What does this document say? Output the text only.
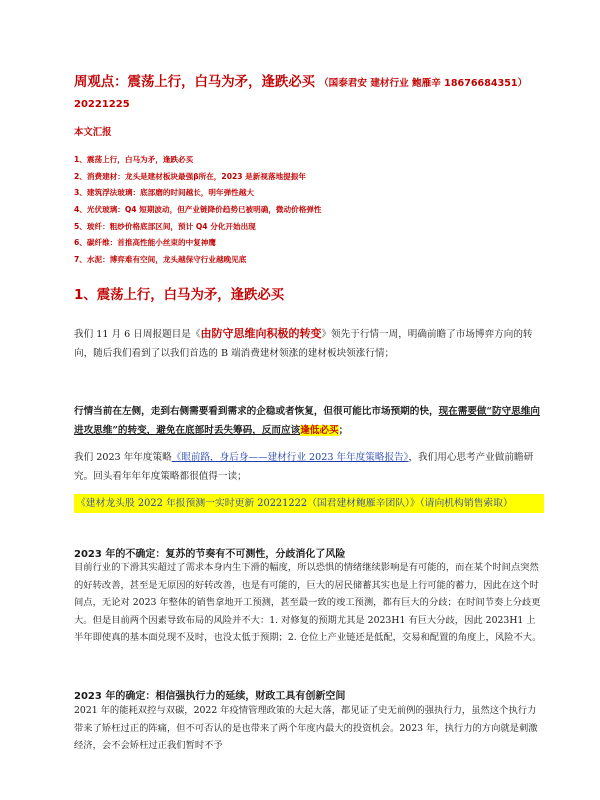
周观点：震荡上行，白马为矛，逢跌必买 （国泰君安 建材行业 鲍雁辛 18676684351）
20221225
本文汇报
1、震荡上行，白马为矛，逢跌必买
2、消费建材：龙头是建材板块最强β所在，2023 是新视落地提振年
3、建筑浮法玻璃：底部磨的时间越长，明年弹性越大
4、光伏玻璃：Q4 短期波动，但产业链降价趋势已被明确，微动价格弹性
5、玻纤：粗纱价格底部区间，预计 Q4 分化开始出现
6、碳纤维：首推高性能小丝束的中复神鹰
7、水泥：博弈难有空间，龙头越保守行业越晚见底
1、震荡上行，白马为矛，逢跌必买

我们 11 月 6 日周报题目是《由防守思维向积极的转变》领先于行情一周，明确前瞻了市场博弈方向的转向，随后我们看到了以我们首选的 B 端消费建材领涨的建材板块领涨行情；

行情当前在左侧，走到右侧需要看到需求的企稳或者恢复，但很可能比市场预期的快，现在需要做“防守思维向进攻思维”的转变，避免在底部时丢失筹码，反而应该逢低必买；

我们 2023 年年度策略《眼前路，身后身——建材行业 2023 年年度策略报告》，我们用心思考产业做前瞻研究。回头看年年年度策略都很值得一读；

《建材龙头股 2022 年报预测一实时更新 20221222（国君建材鲍雁辛团队）》（请向机构销售索取）
2023 年的不确定：复苏的节奏有不可测性，分歧消化了风险

目前行业的下滑其实超过了需求本身内生下滑的幅度，所以恐惧的情绪继续影响是有可能的，而在某个时间点突然的好转改善，甚至是无原因的好转改善，也是有可能的，巨大的居民储蓄其实也是上行可能的蓄力，因此在这个时间点，无论对 2023 年整体的销售拿地开工预测，甚至最一致的竣工预测，都有巨大的分歧；在时间节奏上分歧更大。但是目前两个因素导致布局的风险并不大：1. 对修复的预期尤其是 2023H1 有巨大分歧，因此 2023H1 上半年即使真的基本面兑现不及时，也没太低于预期；2. 仓位上产业链还是低配，交易和配置的角度上，风险不大。

2023 年的确定：相信强执行力的延续，财政工具有创新空间

2021 年的能耗双控与双碳，2022 年疫情管理政策的大起大落，都见证了史无前例的强执行力，虽然这个执行力带来了矫枉过正的阵痛，但不可否认的是也带来了两个年度内最大的投资机会。2023 年，执行力的方向就是刺激经济，会不会矫枉过正我们暂时不予
